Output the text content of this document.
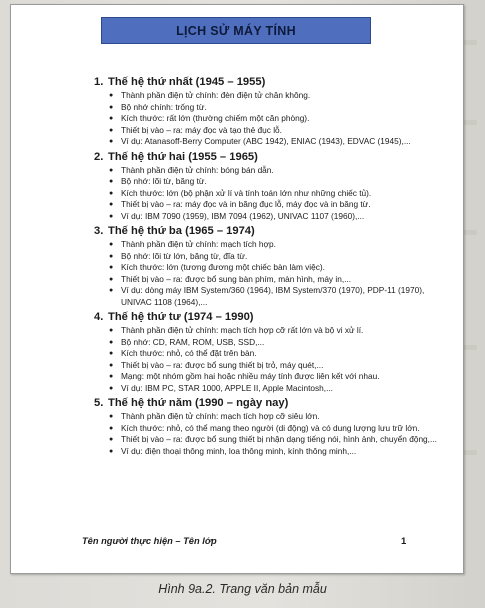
LỊCH SỬ MÁY TÍNH
1. Thế hệ thứ nhất (1945 – 1955)
● Thành phần điện tử chính: đèn điện tử chân không.
● Bộ nhớ chính: trống từ.
● Kích thước: rất lớn (thường chiếm một căn phòng).
● Thiết bị vào – ra: máy đọc và tạo thẻ đục lỗ.
● Ví dụ: Atanasoff-Berry Computer (ABC 1942), ENIAC (1943), EDVAC (1945),...
2. Thế hệ thứ hai (1955 – 1965)
● Thành phần điện tử chính: bóng bán dẫn.
● Bộ nhớ: lõi từ, băng từ.
● Kích thước: lớn (bộ phận xử lí và tính toán lớn như những chiếc tủ).
● Thiết bị vào – ra: máy đọc và in băng đục lỗ, máy đọc và in băng từ.
● Ví dụ: IBM 7090 (1959), IBM 7094 (1962), UNIVAC 1107 (1960),...
3. Thế hệ thứ ba (1965 – 1974)
● Thành phần điện tử chính: mạch tích hợp.
● Bộ nhớ: lõi từ lớn, băng từ, đĩa từ.
● Kích thước: lớn (tương đương một chiếc bàn làm việc).
● Thiết bị vào – ra: được bổ sung bàn phím, màn hình, máy in,...
● Ví dụ: dòng máy IBM System/360 (1964), IBM System/370 (1970), PDP-11 (1970), UNIVAC 1108 (1964),...
4. Thế hệ thứ tư (1974 – 1990)
● Thành phần điện tử chính: mạch tích hợp cỡ rất lớn và bộ vi xử lí.
● Bộ nhớ: CD, RAM, ROM, USB, SSD,...
● Kích thước: nhỏ, có thể đặt trên bàn.
● Thiết bị vào – ra: được bổ sung thiết bị trỏ, máy quét,...
● Mạng: một nhóm gồm hai hoặc nhiều máy tính được liên kết với nhau.
● Ví dụ: IBM PC, STAR 1000, APPLE II, Apple Macintosh,...
5. Thế hệ thứ năm (1990 – ngày nay)
● Thành phần điện tử chính: mạch tích hợp cỡ siêu lớn.
● Kích thước: nhỏ, có thể mang theo người (di động) và có dung lượng lưu trữ lớn.
● Thiết bị vào – ra: được bổ sung thiết bị nhận dạng tiếng nói, hình ảnh, chuyển động,...
● Ví dụ: điện thoại thông minh, loa thông minh, kính thông minh,...
Tên người thực hiện – Tên lớp	1
Hình 9a.2. Trang văn bản mẫu
